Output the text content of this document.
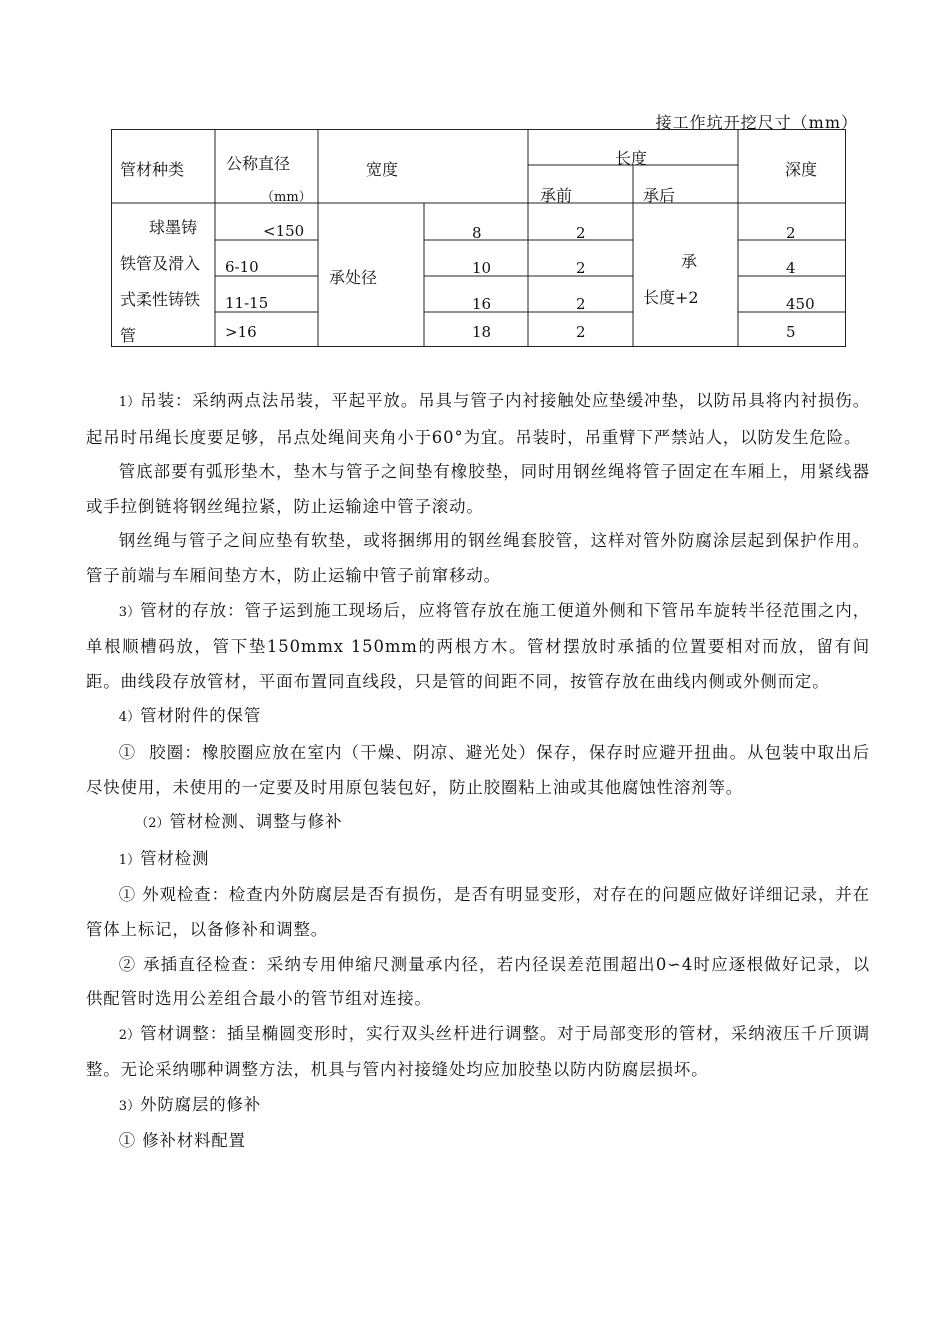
接工作坑开挖尺寸（mm）
管材种类	公称直径
（mm）
宽度
长度
承前	承后
深度
球墨铸
铁管及滑入
式柔性铸铁
管
<150
6-10
11-15
>16
承处径
8
10
16
18
2
2
2
2
承
长度+2
2
4
450
5

1）吊装：采纳两点法吊装，平起平放。吊具与管子内衬接触处应垫缓冲垫，以防吊具将内衬损伤。起吊时吊绳长度要足够，吊点处绳间夹角小于60°为宜。吊装时，吊重臂下严禁站人，以防发生危险。

管底部要有弧形垫木，垫木与管子之间垫有橡胶垫，同时用钢丝绳将管子固定在车厢上，用紧线器或手拉倒链将钢丝绳拉紧，防止运输途中管子滚动。

钢丝绳与管子之间应垫有软垫，或将捆绑用的钢丝绳套胶管，这样对管外防腐涂层起到保护作用。管子前端与车厢间垫方木，防止运输中管子前窜移动。

3）管材的存放：管子运到施工现场后，应将管存放在施工便道外侧和下管吊车旋转半径范围之内，单根顺槽码放，管下垫150mmx 150mm的两根方木。管材摆放时承插的位置要相对而放，留有间距。曲线段存放管材，平面布置同直线段，只是管的间距不同，按管存放在曲线内侧或外侧而定。

4）管材附件的保管

① 胶圈：橡胶圈应放在室内（干燥、阴凉、避光处）保存，保存时应避开扭曲。从包装中取出后尽快使用，未使用的一定要及时用原包装包好，防止胶圈粘上油或其他腐蚀性溶剂等。

（2）管材检测、调整与修补

1）管材检测

① 外观检查：检查内外防腐层是否有损伤，是否有明显变形，对存在的问题应做好详细记录，并在管体上标记，以备修补和调整。

② 承插直径检查：采纳专用伸缩尺测量承内径，若内径误差范围超出0∽4时应逐根做好记录，以供配管时选用公差组合最小的管节组对连接。

2）管材调整：插呈椭圆变形时，实行双头丝杆进行调整。对于局部变形的管材，采纳液压千斤顶调整。无论采纳哪种调整方法，机具与管内衬接缝处均应加胶垫以防内防腐层损坏。

3）外防腐层的修补

① 修补材料配置
